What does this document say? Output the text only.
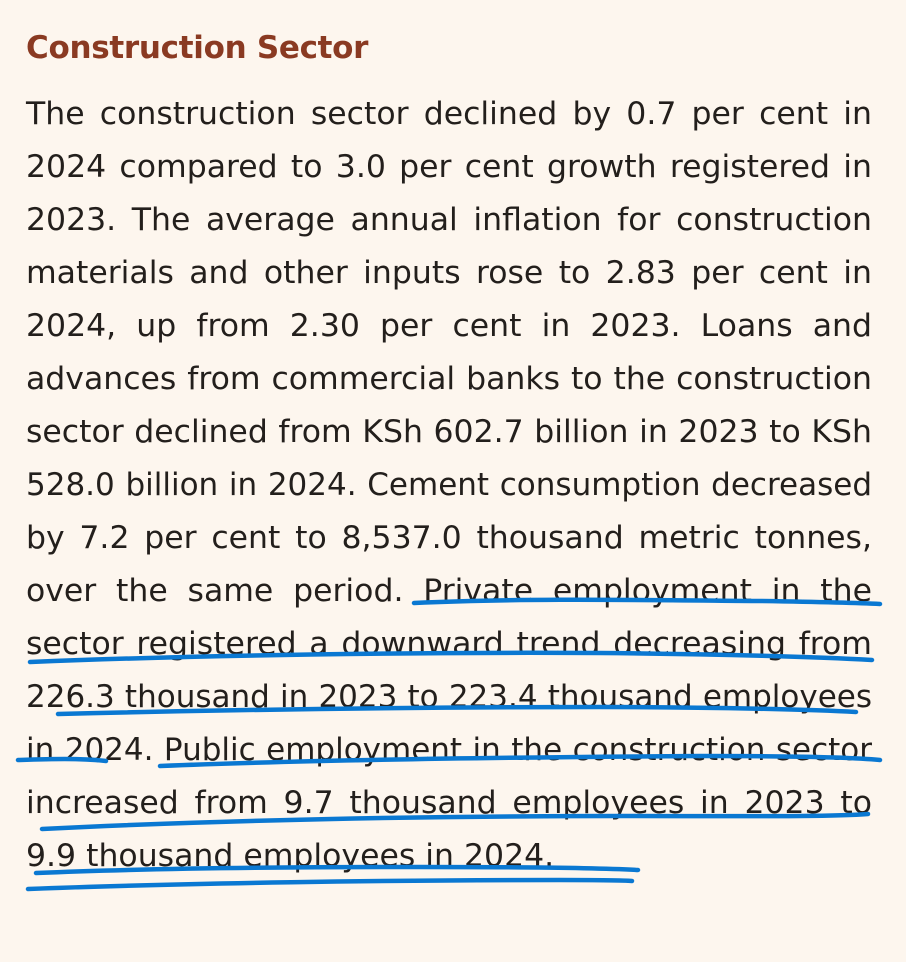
Construction Sector
The construction sector declined by 0.7 per cent in
2024 compared to 3.0 per cent growth registered in
2023. The average annual inflation for construction
materials and other inputs rose to 2.83 per cent in
2024, up from 2.30 per cent in 2023. Loans and
advances from commercial banks to the construction
sector declined from KSh 602.7 billion in 2023 to KSh
528.0 billion in 2024. Cement consumption decreased
by 7.2 per cent to 8,537.0 thousand metric tonnes,
over the same period. Private employment in the
sector registered a downward trend decreasing from
226.3 thousand in 2023 to 223.4 thousand employees
in 2024. Public employment in the construction sector
increased from 9.7 thousand employees in 2023 to
9.9 thousand employees in 2024.
